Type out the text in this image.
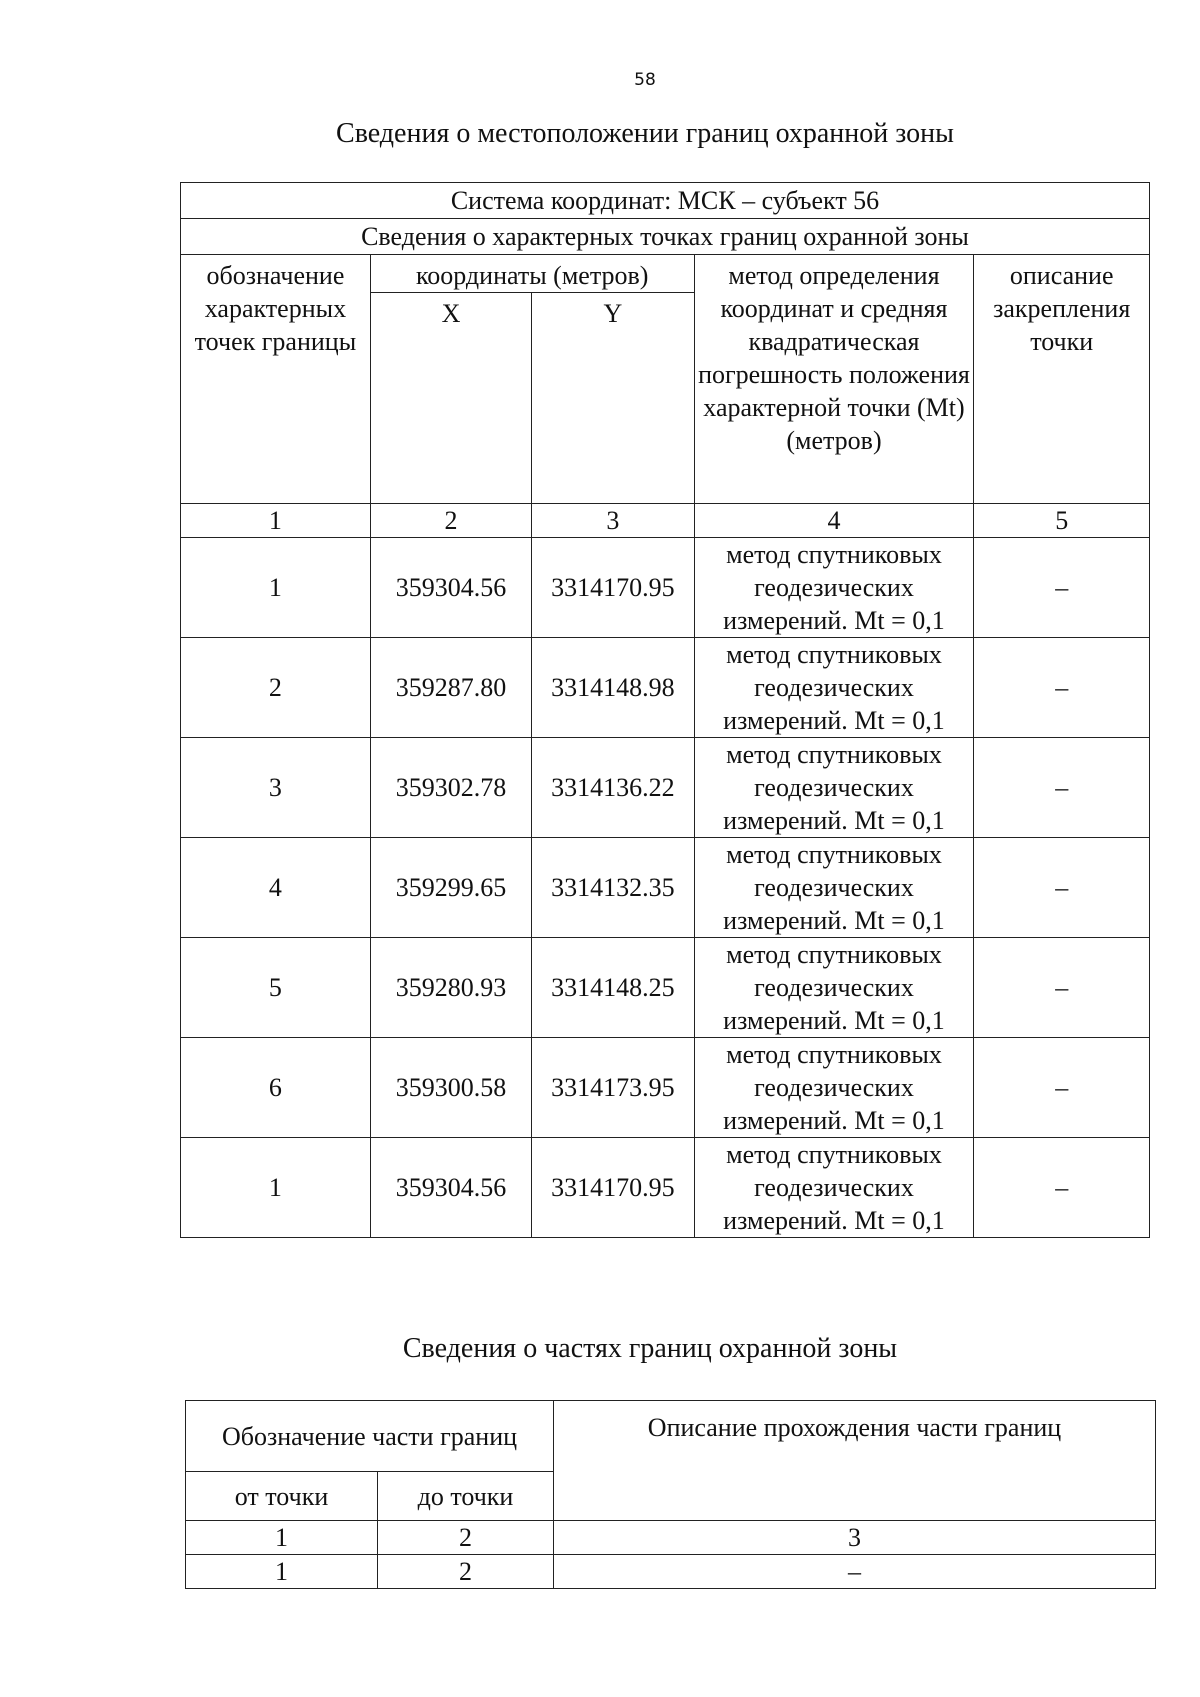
58
Сведения о местоположении границ охранной зоны
Система координат: МСК – субъект 56				
Сведения о характерных точках границ охранной зоны				
обозначение характерных точек границы	координаты (метров)		метод определения координат и средняя квадратическая погрешность положения характерной точки (Mt) (метров)	описание закрепления точки
	X	Y		
1	2	3	4	5
1	359304.56	3314170.95	метод спутниковых геодезических измерений. Mt = 0,1	–
2	359287.80	3314148.98	метод спутниковых геодезических измерений. Mt = 0,1	–
3	359302.78	3314136.22	метод спутниковых геодезических измерений. Mt = 0,1	–
4	359299.65	3314132.35	метод спутниковых геодезических измерений. Mt = 0,1	–
5	359280.93	3314148.25	метод спутниковых геодезических измерений. Mt = 0,1	–
6	359300.58	3314173.95	метод спутниковых геодезических измерений. Mt = 0,1	–
1	359304.56	3314170.95	метод спутниковых геодезических измерений. Mt = 0,1	–
Сведения о частях границ охранной зоны
Обозначение части границ		Описание прохождения части границ
от точки	до точки	
1	2	3
1	2	–
